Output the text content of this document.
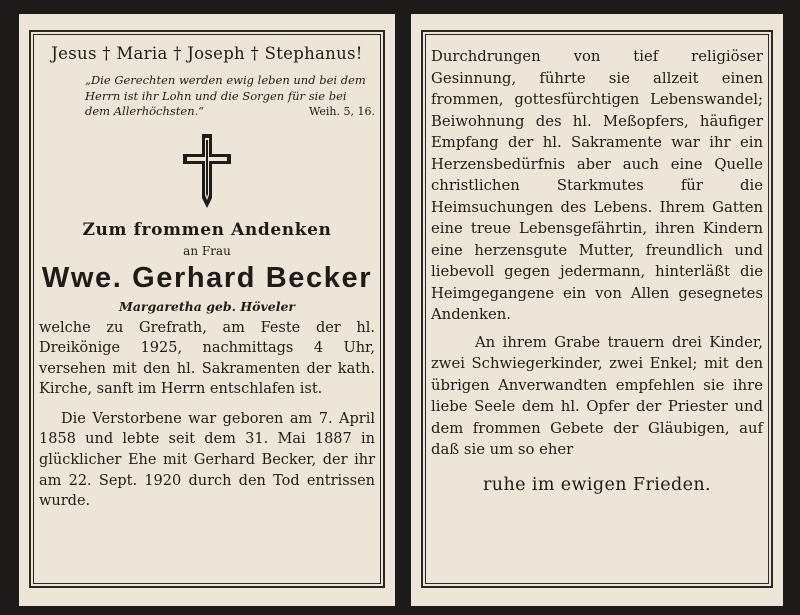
Jesus † Maria † Joseph † Stephanus!
„Die Gerechten werden ewig leben und bei dem Herrn ist ihr Lohn und die Sorgen für sie bei dem Allerhöchsten.“	Weih. 5, 16.
Zum frommen Andenken
an Frau
Wwe. Gerhard Becker
Margaretha geb. Höveler

welche zu Grefrath, am Feste der hl. Dreikönige 1925, nachmittags 4 Uhr, versehen mit den hl. Sakramenten der kath. Kirche, sanft im Herrn entschlafen ist.

Die Verstorbene war geboren am 7. April 1858 und lebte seit dem 31. Mai 1887 in glücklicher Ehe mit Gerhard Becker, der ihr am 22. Sept. 1920 durch den Tod entrissen wurde.

Durchdrungen von tief religiöser Gesinnung, führte sie allzeit einen frommen, gottesfürchtigen Lebenswandel; Beiwohnung des hl. Meßopfers, häufiger Empfang der hl. Sakramente war ihr ein Herzensbedürfnis aber auch eine Quelle christlichen Starkmutes für die Heimsuchungen des Lebens. Ihrem Gatten eine treue Lebensgefährtin, ihren Kindern eine herzensgute Mutter, freundlich und liebevoll gegen jedermann, hinterläßt die Heimgegangene ein von Allen gesegnetes Andenken.

An ihrem Grabe trauern drei Kinder, zwei Schwiegerkinder, zwei Enkel; mit den übrigen Anverwandten empfehlen sie ihre liebe Seele dem hl. Opfer der Priester und dem frommen Gebete der Gläubigen, auf daß sie um so eher

ruhe im ewigen Frieden.
